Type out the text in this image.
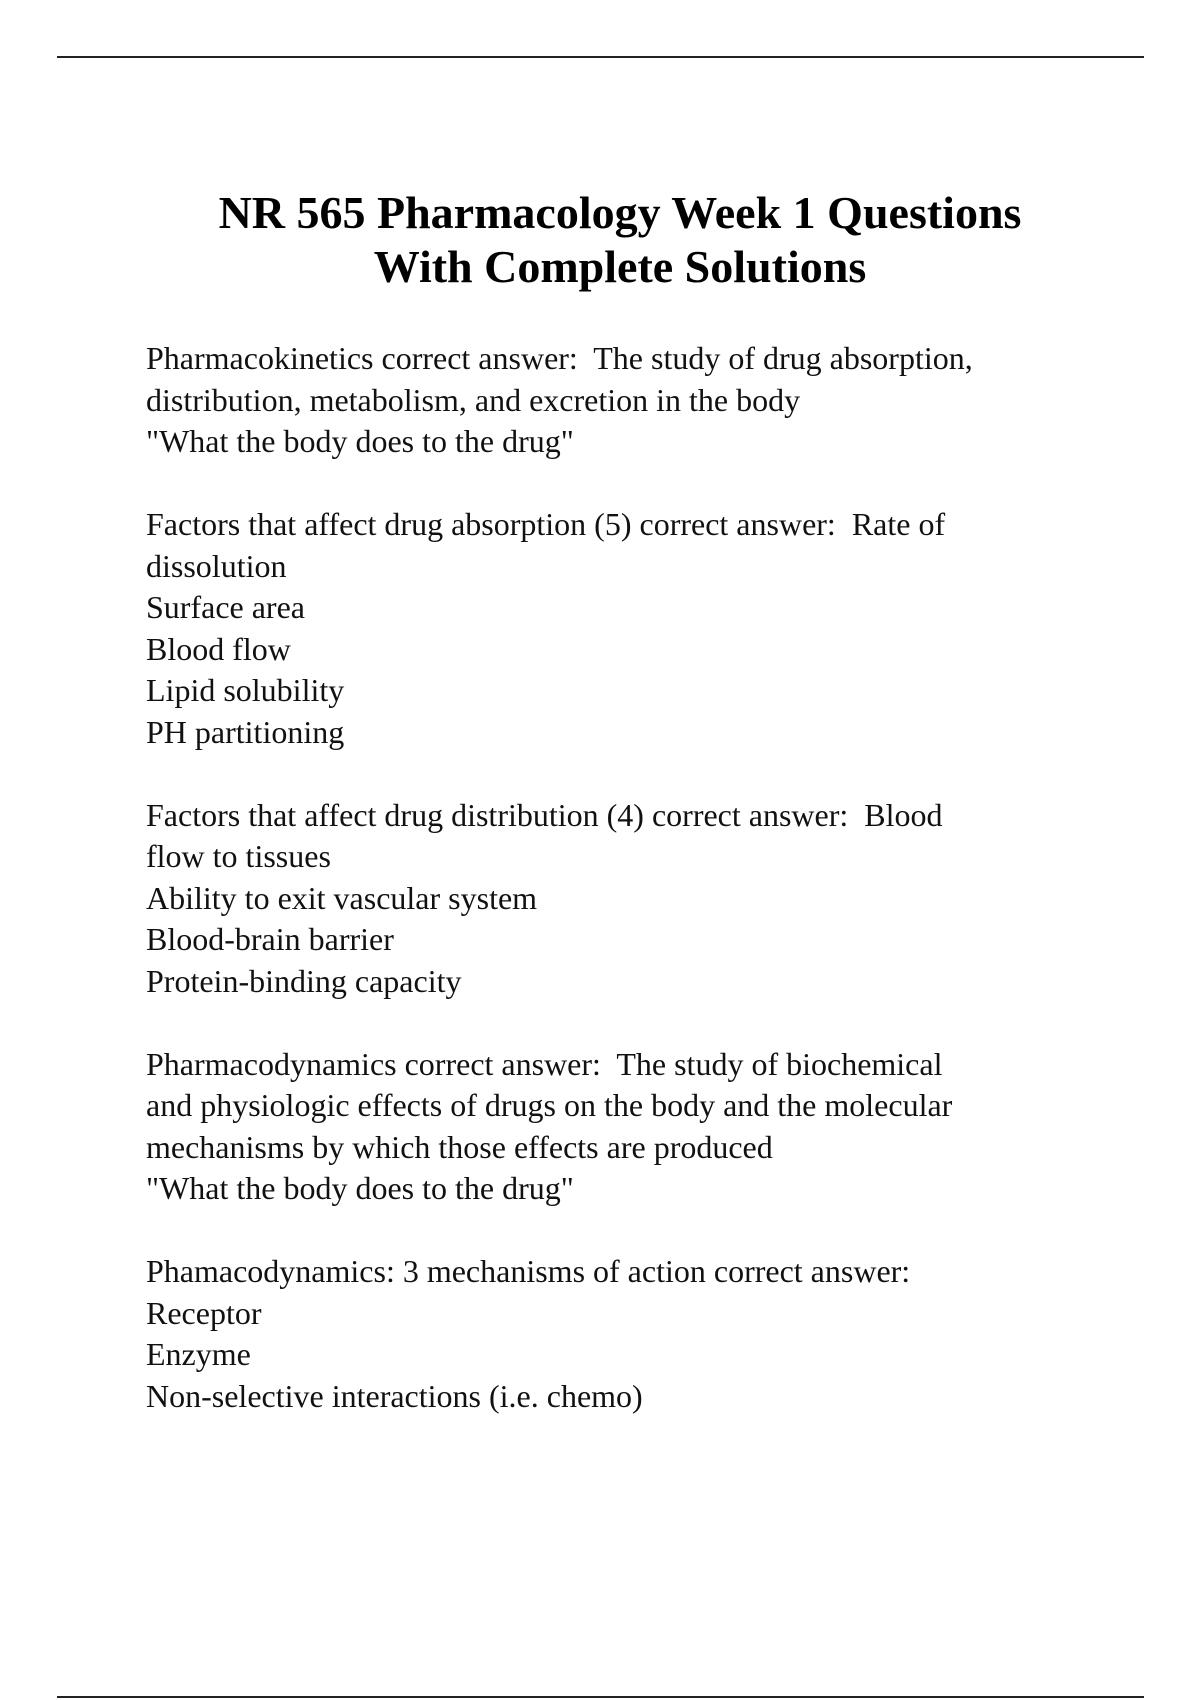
NR 565 Pharmacology Week 1 Questions
With Complete Solutions
Pharmacokinetics correct answer:  The study of drug absorption,
distribution, metabolism, and excretion in the body
"What the body does to the drug"
Factors that affect drug absorption (5) correct answer:  Rate of
dissolution
Surface area
Blood flow
Lipid solubility
PH partitioning
Factors that affect drug distribution (4) correct answer:  Blood
flow to tissues
Ability to exit vascular system
Blood-brain barrier
Protein-binding capacity
Pharmacodynamics correct answer:  The study of biochemical
and physiologic effects of drugs on the body and the molecular
mechanisms by which those effects are produced
"What the body does to the drug"
Phamacodynamics: 3 mechanisms of action correct answer:
Receptor
Enzyme
Non-selective interactions (i.e. chemo)
